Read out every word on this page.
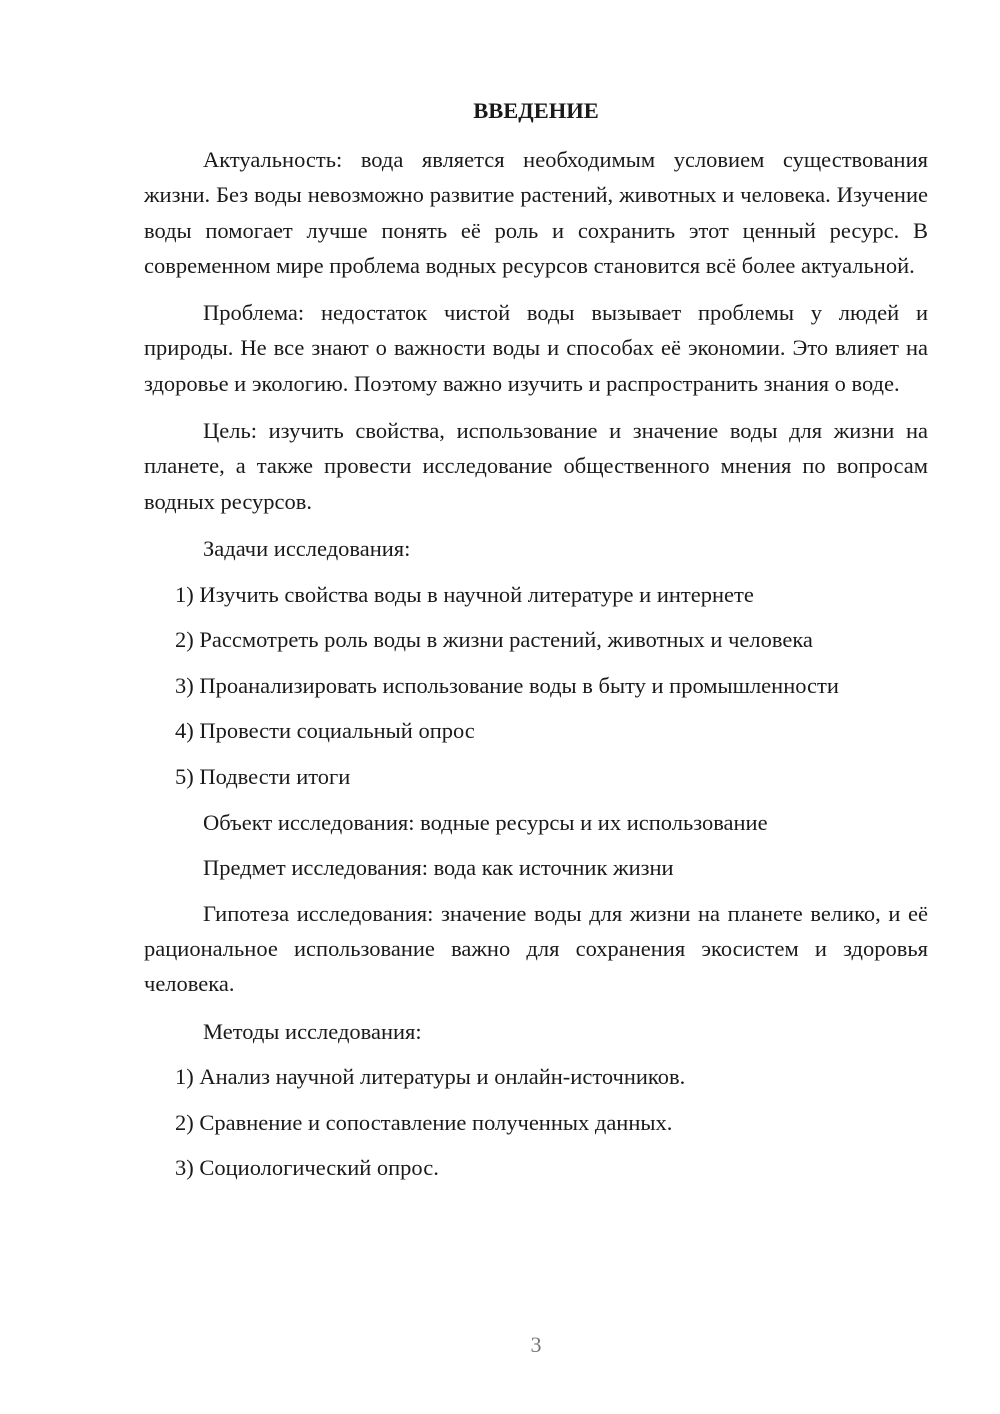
ВВЕДЕНИЕ

Актуальность: вода является необходимым условием существования жизни. Без воды невозможно развитие растений, животных и человека. Изучение воды помогает лучше понять её роль и сохранить этот ценный ресурс. В современном мире проблема водных ресурсов становится всё более актуальной.

Проблема: недостаток чистой воды вызывает проблемы у людей и природы. Не все знают о важности воды и способах её экономии. Это влияет на здоровье и экологию. Поэтому важно изучить и распространить знания о воде.

Цель: изучить свойства, использование и значение воды для жизни на планете, а также провести исследование общественного мнения по вопросам водных ресурсов.

Задачи исследования:
1) Изучить свойства воды в научной литературе и интернете
2) Рассмотреть роль воды в жизни растений, животных и человека
3) Проанализировать использование воды в быту и промышленности
4) Провести социальный опрос
5) Подвести итоги
Объект исследования: водные ресурсы и их использование
Предмет исследования: вода как источник жизни

Гипотеза исследования: значение воды для жизни на планете велико, и её рациональное использование важно для сохранения экосистем и здоровья человека.

Методы исследования:
1) Анализ научной литературы и онлайн-источников.
2) Сравнение и сопоставление полученных данных.
3) Социологический опрос.
3
